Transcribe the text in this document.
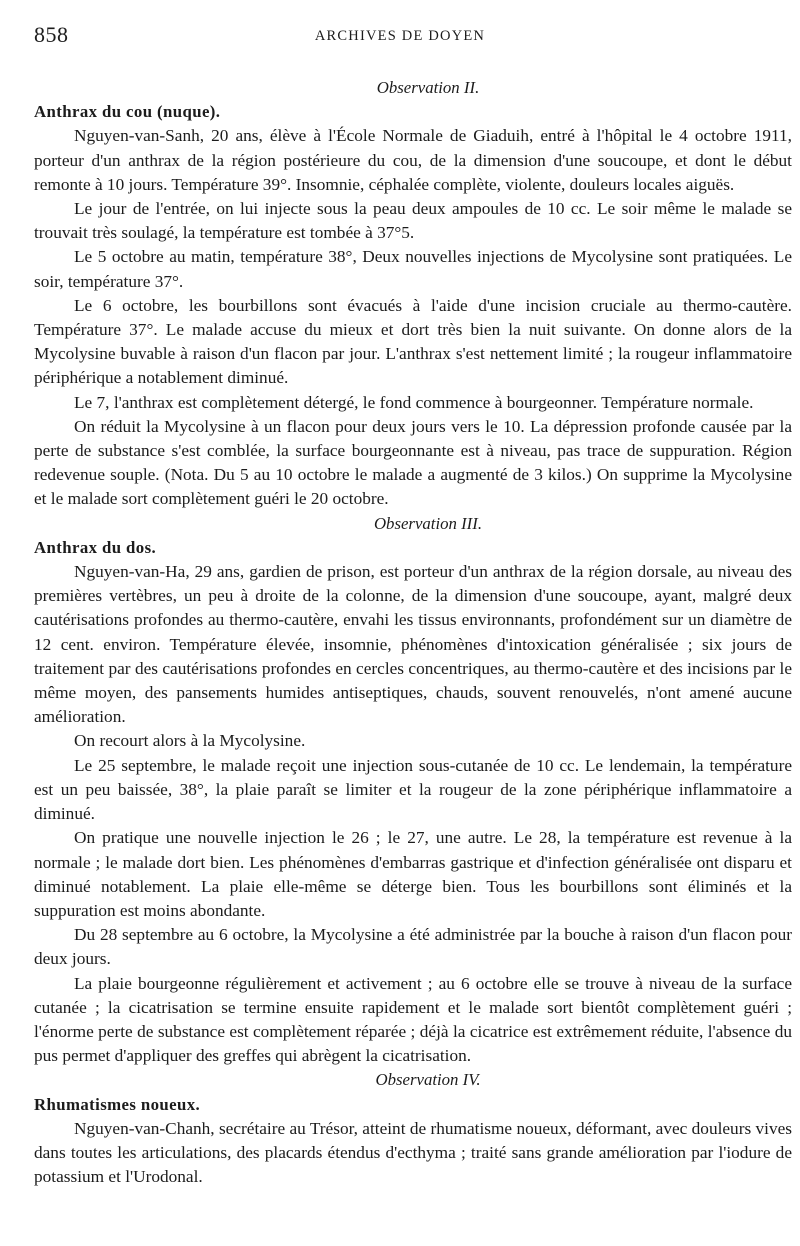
858	ARCHIVES DE DOYEN
Observation II.
Anthrax du cou (nuque).

Nguyen-van-Sanh, 20 ans, élève à l'École Normale de Giaduih, entré à l'hôpital le 4 octobre 1911, porteur d'un anthrax de la région postérieure du cou, de la dimension d'une soucoupe, et dont le début remonte à 10 jours. Température 39°. Insomnie, céphalée complète, violente, douleurs locales aiguës.

Le jour de l'entrée, on lui injecte sous la peau deux ampoules de 10 cc. Le soir même le malade se trouvait très soulagé, la température est tombée à 37°5.

Le 5 octobre au matin, température 38°, Deux nouvelles injections de Mycolysine sont pratiquées. Le soir, température 37°.

Le 6 octobre, les bourbillons sont évacués à l'aide d'une incision cruciale au thermo-cautère. Température 37°. Le malade accuse du mieux et dort très bien la nuit suivante. On donne alors de la Mycolysine buvable à raison d'un flacon par jour. L'anthrax s'est nettement limité ; la rougeur inflammatoire périphérique a notablement diminué.

Le 7, l'anthrax est complètement détergé, le fond commence à bourgeonner. Température normale.

On réduit la Mycolysine à un flacon pour deux jours vers le 10. La dépression profonde causée par la perte de substance s'est comblée, la surface bourgeonnante est à niveau, pas trace de suppuration. Région redevenue souple. (Nota. Du 5 au 10 octobre le malade a augmenté de 3 kilos.) On supprime la Mycolysine et le malade sort complètement guéri le 20 octobre.

Observation III.
Anthrax du dos.

Nguyen-van-Ha, 29 ans, gardien de prison, est porteur d'un anthrax de la région dorsale, au niveau des premières vertèbres, un peu à droite de la colonne, de la dimension d'une soucoupe, ayant, malgré deux cautérisations profondes au thermo-cautère, envahi les tissus environnants, profondément sur un diamètre de 12 cent. environ. Température élevée, insomnie, phénomènes d'intoxication généralisée ; six jours de traitement par des cautérisations profondes en cercles concentriques, au thermo-cautère et des incisions par le même moyen, des pansements humides antiseptiques, chauds, souvent renouvelés, n'ont amené aucune amélioration.

On recourt alors à la Mycolysine.

Le 25 septembre, le malade reçoit une injection sous-cutanée de 10 cc. Le lendemain, la température est un peu baissée, 38°, la plaie paraît se limiter et la rougeur de la zone périphérique inflammatoire a diminué.

On pratique une nouvelle injection le 26 ; le 27, une autre. Le 28, la température est revenue à la normale ; le malade dort bien. Les phénomènes d'embarras gastrique et d'infection généralisée ont disparu et diminué notablement. La plaie elle-même se déterge bien. Tous les bourbillons sont éliminés et la suppuration est moins abondante.

Du 28 septembre au 6 octobre, la Mycolysine a été administrée par la bouche à raison d'un flacon pour deux jours.

La plaie bourgeonne régulièrement et activement ; au 6 octobre elle se trouve à niveau de la surface cutanée ; la cicatrisation se termine ensuite rapidement et le malade sort bientôt complètement guéri ; l'énorme perte de substance est complètement réparée ; déjà la cicatrice est extrêmement réduite, l'absence du pus permet d'appliquer des greffes qui abrègent la cicatrisation.

Observation IV.
Rhumatismes noueux.

Nguyen-van-Chanh, secrétaire au Trésor, atteint de rhumatisme noueux, déformant, avec douleurs vives dans toutes les articulations, des placards étendus d'ecthyma ; traité sans grande amélioration par l'iodure de potassium et l'Urodonal.
